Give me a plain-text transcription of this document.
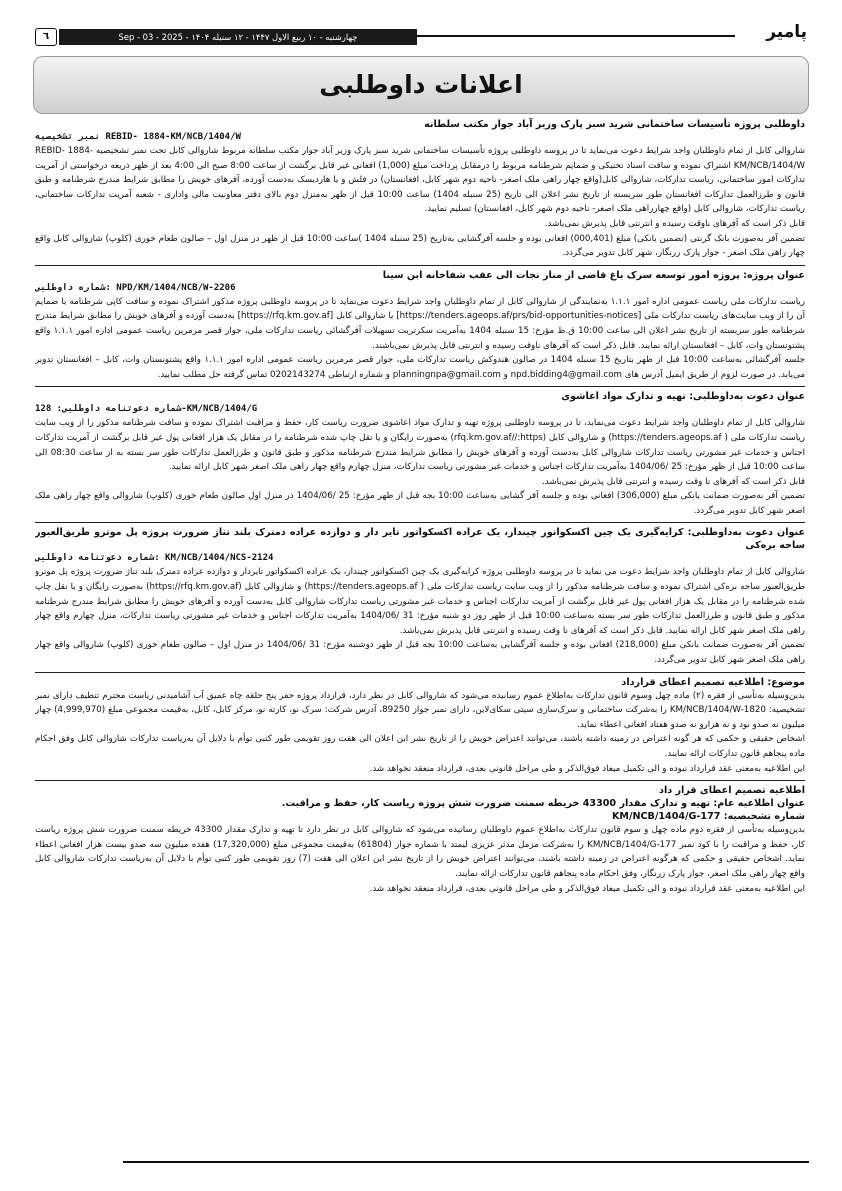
پامیر
چهارشنبه - ۱۰ ربیع الاول ۱۴۴۷ - ۱۲ سنبله ۱۴۰۴ - Sep - 03 - 2025
٦
اعلانات داوطلبی
داوطلبی پروژه تأسیسات ساختمانی شرید سبز پارک وزیر آباد جوار مکتب سلطانه
نمبر تشخیصیه REBID- 1884-KM/NCB/1404/W
شاروالی کابل از تمام داوطلبان واجد شرایط دعوت می‌نماید تا در پروسه داوطلبی پروژه تأسیسات ساختمانی شرید سبز پارک وزیر آباد جوار مکتب سلطانه مربوط شاروالی کابل تحت نمبر تشخیصیه REBID- 1884-KM/NCB/1404/W اشتراک نموده و سافت اسناد تخنیکی و ضمایم شرطنامه مربوط را درمقابل پرداخت مبلغ (1,000) افغانی غیر قابل برگشت از ساعت 8:00 صبح الی 4:00 بعد از ظهر ذریعه درخواستی از آمریت تدارکات امور ساختمانی، ریاست تدارکات، شاروالی کابل(واقع چهار راهی ملک اصغر- ناحیه دوم شهر کابل، افغانستان) در فلش و یا هاردیسک به‌دست آورده، آفرهای خویش را مطابق شرایط مندرج شرطنامه و طبق قانون و طرزالعمل تدارکات افغانستان طور سربسته از تاریخ نشر اعلان الی تاریخ (25 سنبله 1404) ساعت 10:00 قبل از ظهر به‌منزل دوم بالای دفتر معاونیت مالی واداری - شعبه آمریت تدارکات ساختمانی، ریاست تدارکات، شاروالی کابل (واقع چهارراهی ملک اصغر- ناحیه دوم شهر کابل، افغانستان) تسلیم نمایید.
قابل ذکر است که آفرهای ناوقت رسیده و انترنتی قابل پذیرش نمی‌باشد.
تضمین آفر به‌صورت بانک گرنتی (تضمین بانکی) مبلغ (000,401) افغانی بوده و جلسه آفرگشایی به‌تاریخ (25 سنبله 1404 )ساعت 10:00 قبل از ظهر در منزل اول – صالون طعام خوری (کلوپ) شاروالی کابل واقع چهار راهی ملک اصغر - جوار پارک زرنگار، شهر کابل تدویر می‌گردد.
عنوان پروژه: پروژه امور توسعه سرک باغ قاضی از منار نجات الی عقب شفاخانه ابن سینا
شماره داوطلبی: NPD/KM/1404/NCB/W-2206
ریاست تدارکات ملی ریاست عمومی اداره امور ۱.۱.۱ به‌نمایندگی از شاروالی کابل از تمام داوطلبان واجد شرایط دعوت می‌نماید تا در پروسه داوطلبی پروژه مذکور اشتراک نموده و سافت کاپی شرطنامه با ضمایم آن را از ویب سایت‌های ریاست تدارکات ملی [https://tenders.ageops.af/prs/bid-opportunities-notices] یا شاروالی کابل [https://rfq.km.gov.af] به‌دست آورده و آفرهای خویش را مطابق شرایط مندرج شرطنامه طور سربسته از تاریخ نشر اعلان الی ساعت 10:00 ق.ظ مؤرخ: 15 سنبله 1404 به‌آمریت سکرتریت تسهیلات آفرگشائی ریاست تدارکات ملی، جوار قصر مرمرین ریاست عمومی اداره امور ۱.۱.۱ واقع پشتونستان وات، کابل – افغانستان ارائه نمایند. قابل ذکر است که آفرهای ناوقت رسیده و انترنتی قابل پذیرش نمی‌باشند.
جلسه آفرگشائی به‌ساعت 10:00 قبل از ظهر بتاریخ 15 سنبله 1404 در صالون هندوکش ریاست تدارکات ملی، جوار قصر مرمرین ریاست عمومی اداره امور ۱.۱.۱ واقع پشتونستان وات، کابل – افغانستان تدویر می‌یابد. در صورت لزوم از طریق ایمیل آدرس های npd.bidding4@gmail.com و planningnpa@gmail.com و شماره ارتباطی 0202143274 تماس گرفته حل مطلب نمایید.
عنوان دعوت به‌داوطلبی: تهیه و تدارک مواد اعاشوی
شماره دعوتنامه داوطلبی: 128-KM/NCB/1404/G
شاروالی کابل از تمام داوطلبان واجد شرایط دعوت می‌نماید، تا در پروسه داوطلبی پروژه تهیه و تدارک مواد اعاشوی ضرورت ریاست کار، حفظ و مراقبت اشتراک نموده و سافت شرطنامه مذکور را از ویب سایت ریاست تدارکات ملی ( https://tenders.ageops.af) و شاروالی کابل (rfq.km.gov.af//:https) به‌صورت رایگان و یا نقل چاپ شده شرطنامه را در مقابل یک هزار افغانی پول غیر قابل برگشت از آمریت تدارکات اجناس و خدمات غیر مشورتی ریاست تدارکات شاروالی کابل به‌دست آورده و آفرهای خویش را مطابق شرایط مندرج شرطنامه مذکور و طبق قانون و طرزالعمل تدارکات طور سر بسته به از ساعت 08:30 الی ساعت 10:00 قبل از ظهر مؤرخ: 25 /1404/06 به‌آمریت تدارکات اجناس و خدمات غیر مشورتی ریاست تدارکات، منزل چهارم واقع چهار راهی ملک اصغر شهر کابل ارائه نمایید.
قابل ذکر است که آفرهای نا وقت رسیده و انترنتی قابل پذیرش نمی‌باشد.
تضمین آفر به‌صورت ضمانت بانکی مبلغ (306,000) افغانی بوده و جلسه آفر گشایی به‌ساعت 10:00 بجه قبل از ظهر مؤرخ: 25 /1404/06 در منزل اول صالون طعام خوری (کلوپ) شاروالی واقع چهار راهی ملک اصغر شهر کابل تدویر می‌گردد.
عنوان دعوت به‌داوطلبی: کرایه‌گیری یک چین اکسکواتور چینداز، یک عراده اکسکواتور تایر دار و دوازده عراده دمترک بلند تناژ ضرورت پروژه پل موترو طریق‌العبور ساحه بره‌کی
شماره دعوتنامه داوطلبی: KM/NCB/1404/NCS-2124
شاروالی کابل از تمام داوطلبان واجد شرایط دعوت می نماید تا در پروسه داوطلبی پروژه کرایه‌گیری یک چین اکسکواتور چینداز، یک عراده اکسکواتور تایردار و دوازده عراده دمترک بلند تناژ ضرورت پروژه پل موترو طریق‌العبور ساحه بره‌کی اشتراک نموده و سافت شرطنامه مذکور را از ویب سایت ریاست تدارکات ملی ( https://tenders.ageops.af) و شاروالی کابل (https://rfq.km.gov.af) به‌صورت رایگان و یا نقل چاپ شده شرطنامه را در مقابل یک هزار افغانی پول غیر قابل برگشت از آمریت تدارکات اجناس و خدمات غیر مشورتی ریاست تدارکات شاروالی کابل به‌دست آورده و آفرهای خویش را مطابق شرایط مندرج شرطنامه مذکور و طبق قانون و طرزالعمل تدارکات طور سر بسته به‌ساعت 10:00 قبل از ظهر روز دو شنبه مؤرخ: 31 /1404/06 به‌آمریت تدارکات اجناس و خدمات غیر مشورتی ریاست تدارکات، منزل چهارم واقع چهار راهی ملک اصغر شهر کابل ارائه نمایید. قابل ذکر است که آفرهای نا وقت رسیده و انترنتی قابل پذیرش نمی‌باشد.
تضمین آفر به‌صورت ضمانت بانکی مبلغ (218,000) افغانی بوده و جلسه آفرگشایی به‌ساعت 10:00 بجه قبل از ظهر دوشنبه مؤرخ: 31 /1404/06 در منزل اول – صالون طعام خوری (کلوپ) شاروالی واقع چهار راهی ملک اصغر شهر کابل تدویر می‌گردد.
موضوع: اطلاعیه تصمیم اعطای قرارداد
بدین‌وسیله به‌تأسی از فقره (۲) ماده چهل وسوم قانون تدارکات به‌اطلاع عموم رسانیده می‌شود که شاروالی کابل در نظر دارد، قرارداد پروژه حفر پنج حلقه چاه عمیق آب آشامیدنی ریاست محترم تنظیف دارای نمبر تشخیصیه: KM/NCB/1404/W-1820 را به‌شرکت ساختمانی و سرک‌سازی سیتی سکای‌لاین، دارای نمبر جواز 89250، آدرس شرکت: سرک نو، کارته نو، مرکز کابل، کابل، به‌قیمت مجموعی مبلغ (4,999,970) چهار میلیون نه صدو نود و نه هزارو نه صدو هفتاد افغانی اعطاء نماید.
اشخاص حقیقی و حکمی که هر گونه اعتراض در زمینه داشته باشند، می‌توانند اعتراض خویش را از تاریخ نشر این اعلان الی هفت روز تقویمی طور کتبی توأم با دلایل آن به‌ریاست تدارکات شاروالی کابل وفق احکام ماده پنجاهم قانون تدارکات ارائه نمایند.
این اطلاعیه به‌معنی عقد قرارداد نبوده و الی تکمیل میعاد فوق‌الذکر و طی مراحل قانونی بعدی، قرارداد منعقد نخواهد شد.
اطلاعیه تصمیم اعطای قرار داد
عنوان اطلاعیه عام: تهیه و تدارک مقدار 43300 خریطه سمنت ضرورت شش پروژه ریاست کار، حفظ و مراقبت.
شماره تشخیصیه: KM/NCB/1404/G-177
بدین‌وسیله به‌تأسی از فقره دوم ماده چهل و سوم قانون تدارکات به‌اطلاع عموم داوطلبان رسانیده می‌شود که شاروالی کابل در نظر دارد تا تهیه و تدارک مقدار 43300 خریطه سمنت ضرورت شش پروژه ریاست کار، حفظ و مراقبت را با کود نمبر KM/NCB/1404/G-177 را به‌شرکت مزمل مدثر عزیزی لیمتد با شماره جواز (61804) به‌قیمت مجموعی مبلغ (17,320,000) هفده میلیون سه صدو بیست هزار افغانی اعطاء نماید. اشخاص حقیقی و حکمی که هرگونه اعتراض در زمینه داشته باشند، می‌توانند اعتراض خویش را از تاریخ نشر این اعلان الی هفت (7) روز تقویمی طور کتبی توأم با دلایل آن به‌ریاست تدارکات شاروالی کابل واقع چهار راهی ملک اصغر، جوار پارک زرنگار، وفق احکام ماده پنجاهم قانون تدارکات ارائه نمایند.
این اطلاعیه به‌معنی عقد قرارداد نبوده و الی تکمیل میعاد فوق‌الذکر و طی مراحل قانونی بعدی، قرارداد منعقد نخواهد شد.
